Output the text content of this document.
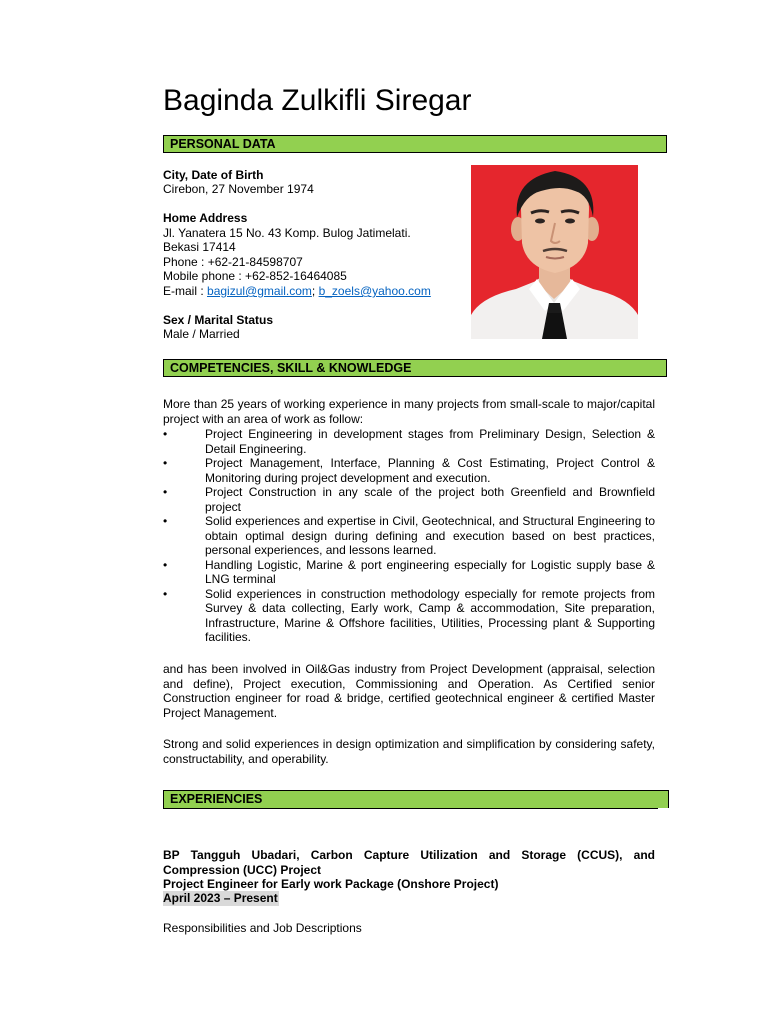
Baginda Zulkifli Siregar
PERSONAL DATA
City, Date of Birth
Cirebon, 27 November 1974
Home Address
Jl. Yanatera 15 No. 43 Komp. Bulog Jatimelati.
Bekasi 17414
Phone : +62-21-84598707
Mobile phone : +62-852-16464085
E-mail : bagizul@gmail.com; b_zoels@yahoo.com
Sex / Marital Status
Male / Married
COMPETENCIES, SKILL & KNOWLEDGE
More than 25 years of working experience in many projects from small-scale to major/capital project with an area of work as follow:
•	Project Engineering in development stages from Preliminary Design, Selection & Detail Engineering.
•	Project Management, Interface, Planning & Cost Estimating, Project Control & Monitoring during project development and execution.
•	Project Construction in any scale of the project both Greenfield and Brownfield project
•	Solid experiences and expertise in Civil, Geotechnical, and Structural Engineering to obtain optimal design during defining and execution based on best practices, personal experiences, and lessons learned.
•	Handling Logistic, Marine & port engineering especially for Logistic supply base & LNG terminal
•	Solid experiences in construction methodology especially for remote projects from Survey & data collecting, Early work, Camp & accommodation, Site preparation, Infrastructure, Marine & Offshore facilities, Utilities, Processing plant & Supporting facilities.
and has been involved in Oil&Gas industry from Project Development (appraisal, selection and define), Project execution, Commissioning and Operation. As Certified senior Construction engineer for road & bridge, certified geotechnical engineer & certified Master Project Management.
Strong and solid experiences in design optimization and simplification by considering safety, constructability, and operability.
EXPERIENCIES
BP Tangguh Ubadari, Carbon Capture Utilization and Storage (CCUS), and Compression (UCC) Project
Project Engineer for Early work Package (Onshore Project)
April 2023 – Present
Responsibilities and Job Descriptions
